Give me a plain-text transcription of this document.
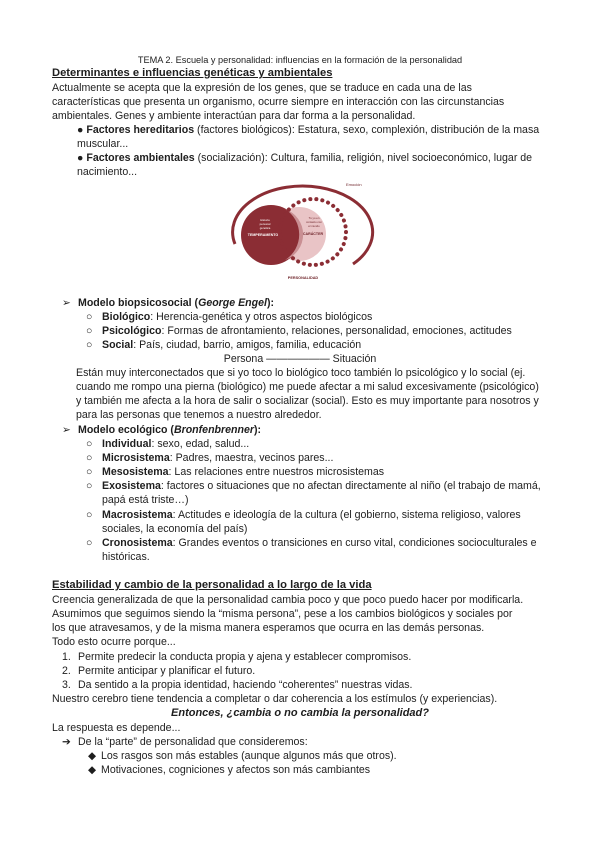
TEMA 2. Escuela y personalidad: influencias en la formación de la personalidad
Determinantes e influencias genéticas y ambientales
Actualmente se acepta que la expresión de los genes, que se traduce en cada una de las
características que presenta un organismo, ocurre siempre en interacción con las circunstancias
ambientales. Genes y ambiente interactúan para dar forma a la personalidad.
● Factores hereditarios (factores biológicos): Estatura, sexo, complexión, distribución de la masa
muscular...
● Factores ambientales (socialización): Cultura, familia, religión, nivel socioeconómico, lugar de
nacimiento...
Emoción
Historia
personal
genética
TEMPERAMENTO
Tu yo en
contacto con
el mundo
CARÁCTER
PERSONALIDAD
➢ Modelo biopsicosocial (George Engel):
○ Biológico: Herencia-genética y otros aspectos biológicos
○ Psicológico: Formas de afrontamiento, relaciones, personalidad, emociones, actitudes
○ Social: País, ciudad, barrio, amigos, familia, educación
Persona —————— Situación
Están muy interconectados que si yo toco lo biológico toco también lo psicológico y lo social (ej.
cuando me rompo una pierna (biológico) me puede afectar a mi salud excesivamente (psicológico)
y también me afecta a la hora de salir o socializar (social). Esto es muy importante para nosotros y
para las personas que tenemos a nuestro alrededor.
➢ Modelo ecológico (Bronfenbrenner):
○ Individual: sexo, edad, salud...
○ Microsistema: Padres, maestra, vecinos pares...
○ Mesosistema: Las relaciones entre nuestros microsistemas
○ Exosistema: factores o situaciones que no afectan directamente al niño (el trabajo de mamá,
papá está triste…)
○ Macrosistema: Actitudes e ideología de la cultura (el gobierno, sistema religioso, valores
sociales, la economía del país)
○ Cronosistema: Grandes eventos o transiciones en curso vital, condiciones socioculturales e
históricas.
Estabilidad y cambio de la personalidad a lo largo de la vida
Creencia generalizada de que la personalidad cambia poco y que poco puedo hacer por modificarla.
Asumimos que seguimos siendo la “misma persona”, pese a los cambios biológicos y sociales por
los que atravesamos, y de la misma manera esperamos que ocurra en las demás personas.
Todo esto ocurre porque...
1. Permite predecir la conducta propia y ajena y establecer compromisos.
2. Permite anticipar y planificar el futuro.
3. Da sentido a la propia identidad, haciendo “coherentes” nuestras vidas.
Nuestro cerebro tiene tendencia a completar o dar coherencia a los estímulos (y experiencias).
Entonces, ¿cambia o no cambia la personalidad?
La respuesta es depende...
➔ De la “parte” de personalidad que consideremos:
◆ Los rasgos son más estables (aunque algunos más que otros).
◆ Motivaciones, cogniciones y afectos son más cambiantes
